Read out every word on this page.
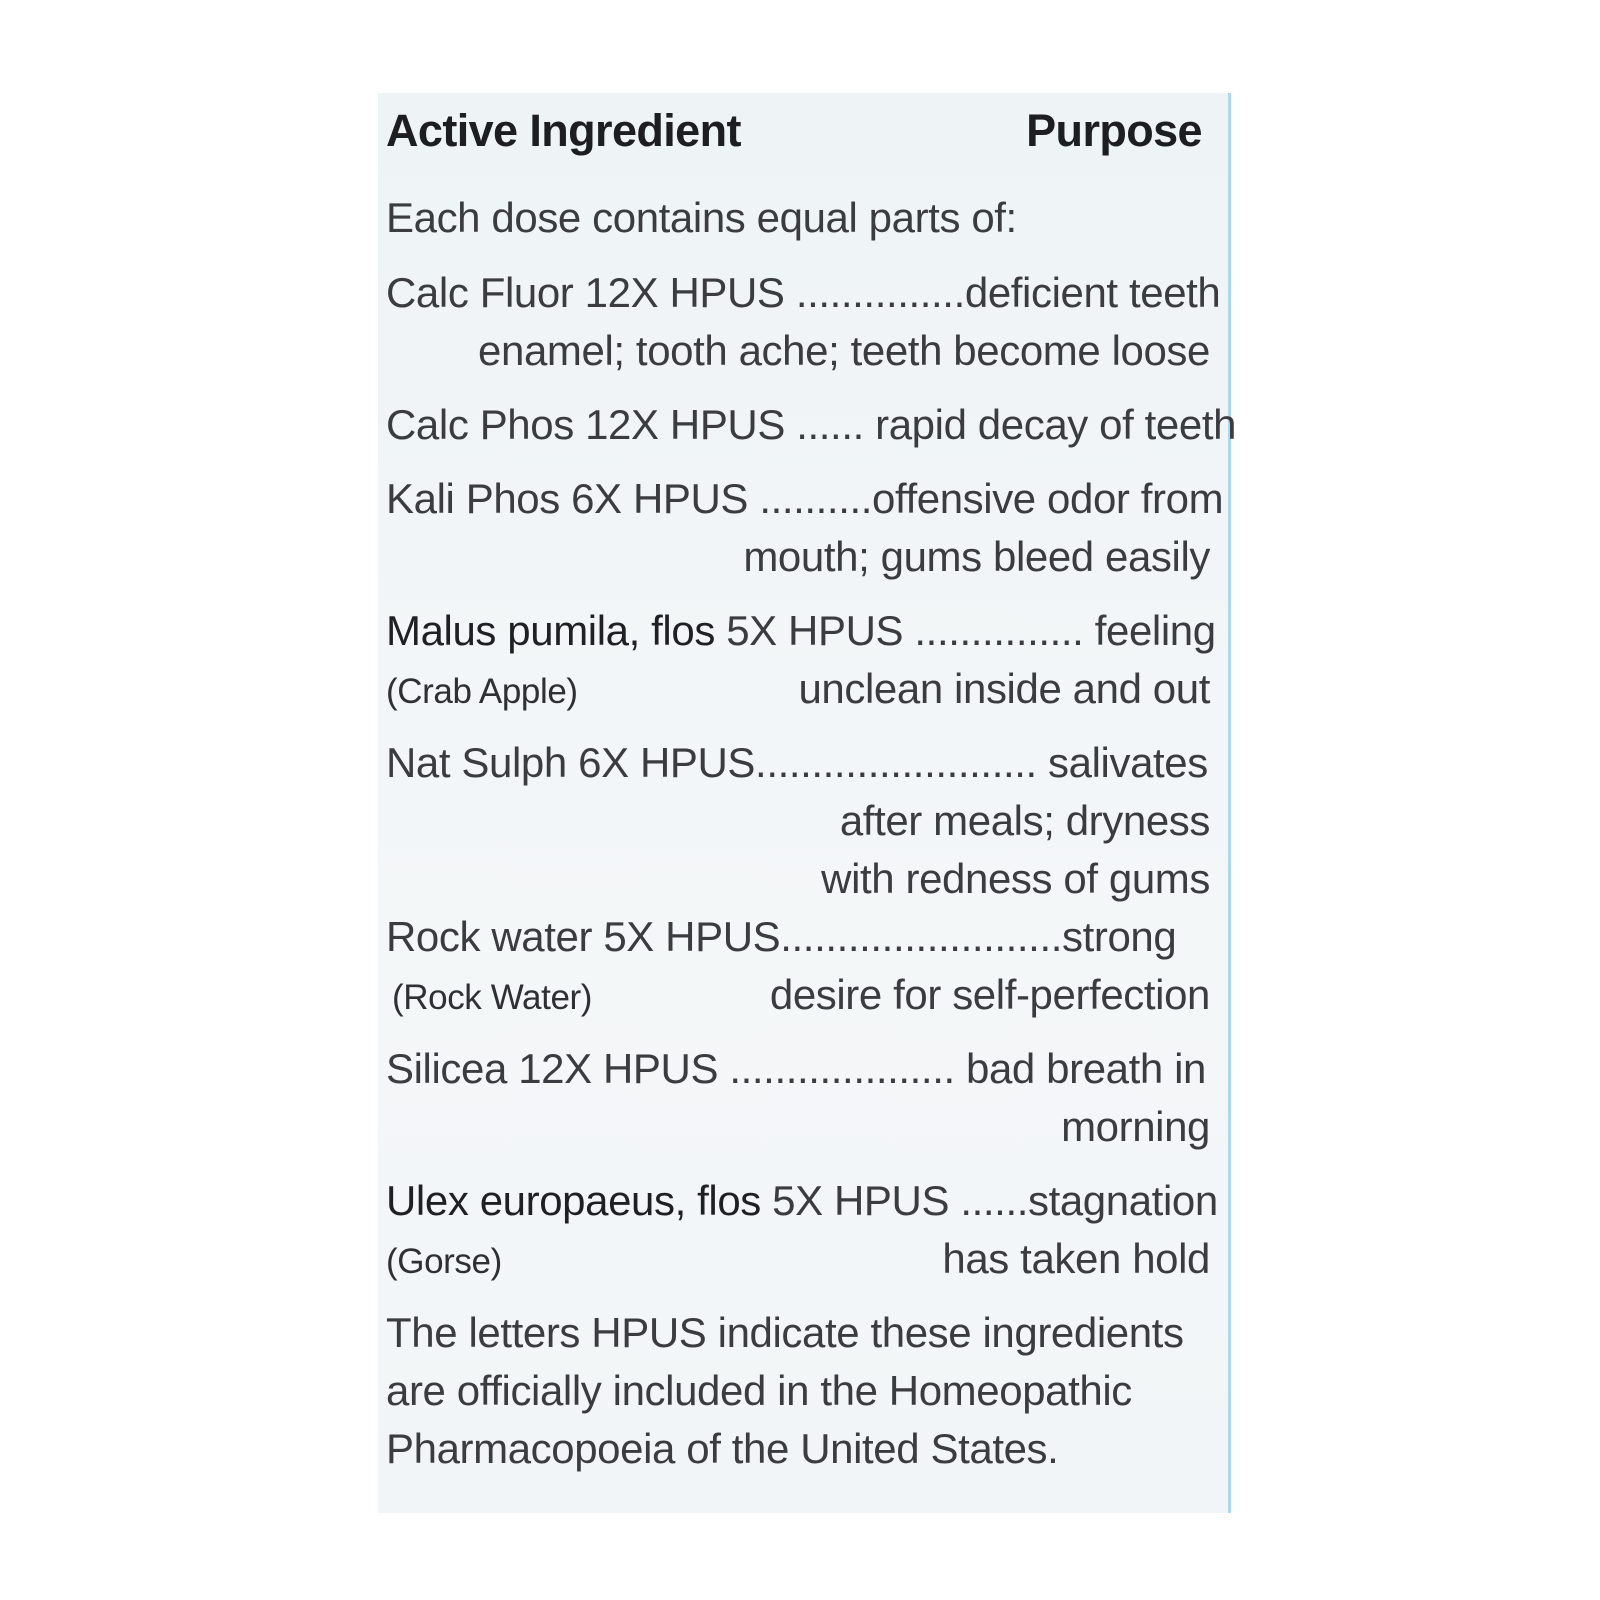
Active Ingredient	Purpose
Each dose contains equal parts of:
Calc Fluor 12X HPUS ...............deficient teeth
enamel; tooth ache; teeth become loose
Calc Phos 12X HPUS ...... rapid decay of teeth
Kali Phos 6X HPUS ..........offensive odor from
mouth; gums bleed easily
Malus pumila, flos 5X HPUS ............... feeling
(Crab Apple)	unclean inside and out
Nat Sulph 6X HPUS......................... salivates
after meals; dryness
with redness of gums
Rock water 5X HPUS.........................strong
(Rock Water)	desire for self-perfection
Silicea 12X HPUS .................... bad breath in
morning
Ulex europaeus, flos 5X HPUS ......stagnation
(Gorse)	has taken hold
The letters HPUS indicate these ingredients
are officially included in the Homeopathic
Pharmacopoeia of the United States.
